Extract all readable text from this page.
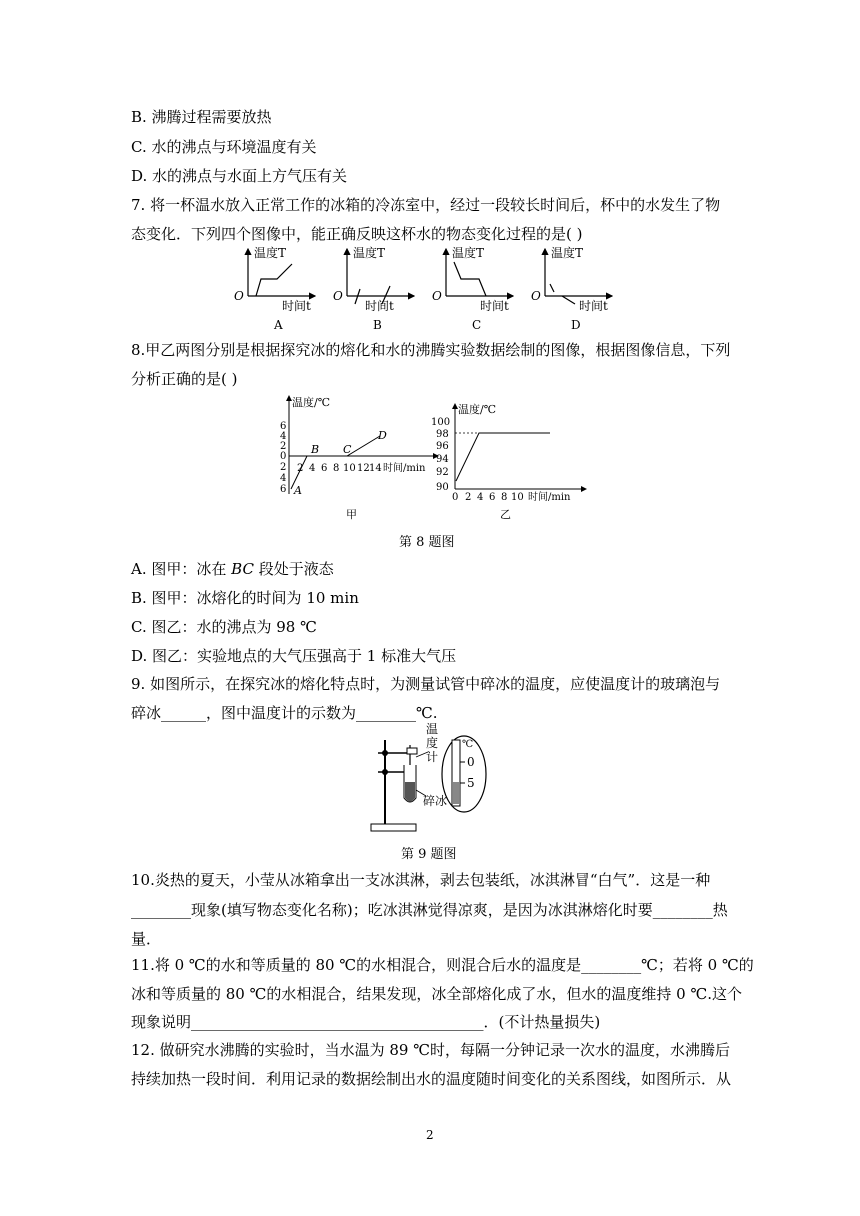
B. 沸腾过程需要放热
C. 水的沸点与环境温度有关
D. 水的沸点与水面上方气压有关
7. 将一杯温水放入正常工作的冰箱的冷冻室中，经过一段较长时间后，杯中的水发生了物
态变化．下列四个图像中，能正确反映这杯水的物态变化过程的是( )
温度T
O
时间t
A
温度T
O
时间t
B
温度T
O
时间t
C
温度T
O
时间t
D
8.甲乙两图分别是根据探究冰的熔化和水的沸腾实验数据绘制的图像，根据图像信息，下列
分析正确的是( )
温度/℃
6
4
2
0
2
4
6
2 4 6 8 10 12 14 时间/min
A
B C
D
甲
温度/℃
100
98
96
94
92
90
0 2 4 6 8 10 时间/min
乙
第 8 题图
A. 图甲：冰在 BC 段处于液态
B. 图甲：冰熔化的时间为 10 min
C. 图乙：水的沸点为 98 ℃
D. 图乙：实验地点的大气压强高于 1 标准大气压
9. 如图所示，在探究冰的熔化特点时，为测量试管中碎冰的温度，应使温度计的玻璃泡与
碎冰______，图中温度计的示数为________℃.
温
度
计
碎冰
℃
0
5
第 9 题图
10.炎热的夏天，小莹从冰箱拿出一支冰淇淋，剥去包装纸，冰淇淋冒“白气”．这是一种
________现象(填写物态变化名称)；吃冰淇淋觉得凉爽，是因为冰淇淋熔化时要________热
量．
11.将 0 ℃的水和等质量的 80 ℃的水相混合，则混合后水的温度是________℃；若将 0 ℃的
冰和等质量的 80 ℃的水相混合，结果发现，冰全部熔化成了水，但水的温度维持 0 ℃.这个
现象说明_______________________________________．(不计热量损失)
12. 做研究水沸腾的实验时，当水温为 89 ℃时，每隔一分钟记录一次水的温度，水沸腾后
持续加热一段时间．利用记录的数据绘制出水的温度随时间变化的关系图线，如图所示．从
2
